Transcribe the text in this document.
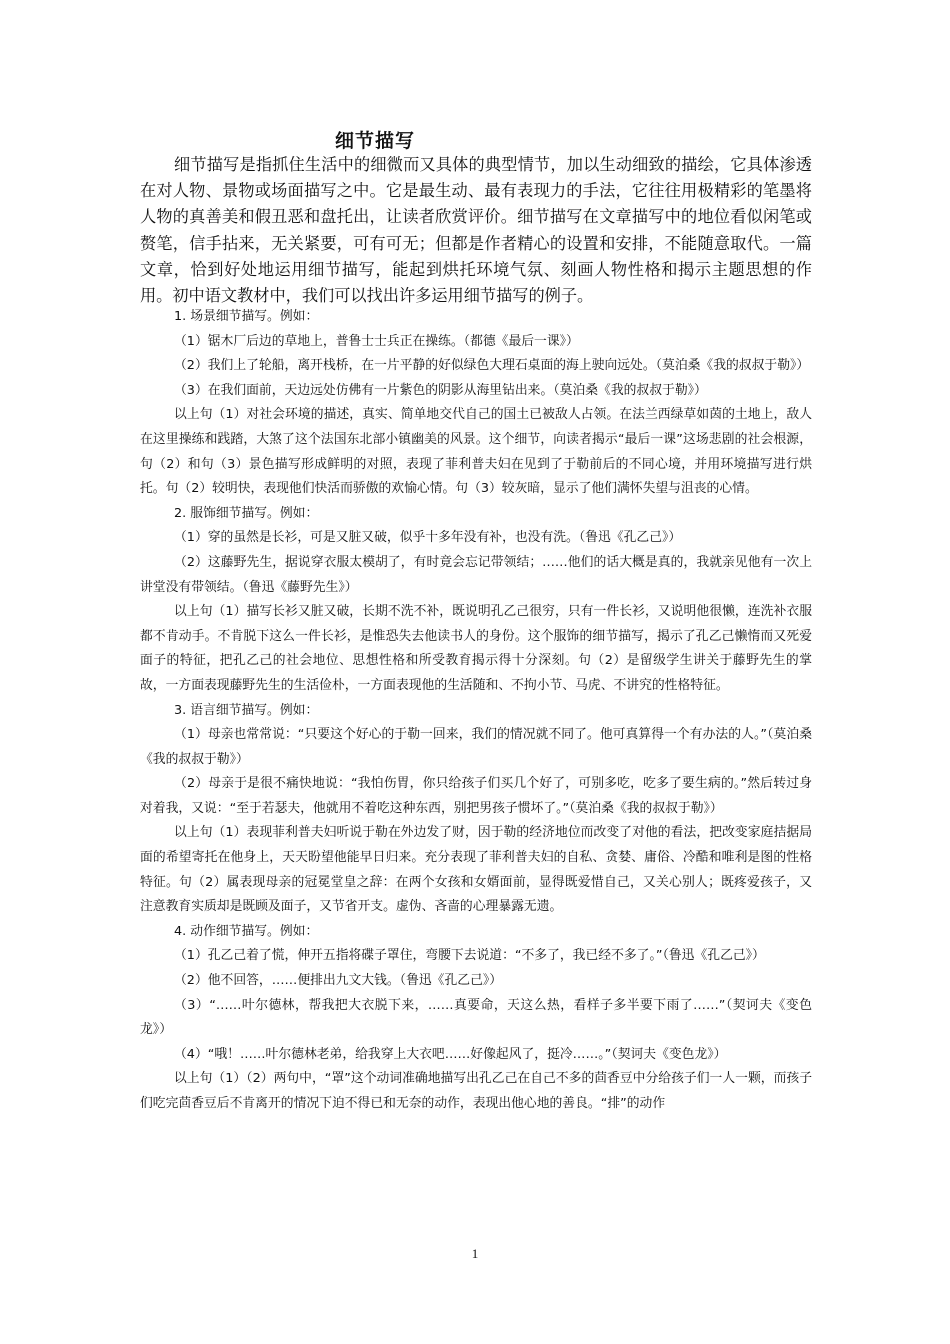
细节描写
细节描写是指抓住生活中的细微而又具体的典型情节，加以生动细致的描绘，它具体渗透在对人物、景物或场面描写之中。它是最生动、最有表现力的手法，它往往用极精彩的笔墨将人物的真善美和假丑恶和盘托出，让读者欣赏评价。细节描写在文章描写中的地位看似闲笔或赘笔，信手拈来，无关紧要，可有可无；但都是作者精心的设置和安排，不能随意取代。一篇文章，恰到好处地运用细节描写，能起到烘托环境气氛、刻画人物性格和揭示主题思想的作用。初中语文教材中，我们可以找出许多运用细节描写的例子。

1. 场景细节描写。例如：

（1）锯木厂后边的草地上，普鲁士士兵正在操练。（都德《最后一课》）

（2）我们上了轮船，离开栈桥，在一片平静的好似绿色大理石桌面的海上驶向远处。（莫泊桑《我的叔叔于勒》）

（3）在我们面前，天边远处仿佛有一片紫色的阴影从海里钻出来。（莫泊桑《我的叔叔于勒》）

以上句（1）对社会环境的描述，真实、简单地交代自己的国土已被敌人占领。在法兰西绿草如茵的土地上，敌人在这里操练和践踏，大煞了这个法国东北部小镇幽美的风景。这个细节，向读者揭示“最后一课”这场悲剧的社会根源，句（2）和句（3）景色描写形成鲜明的对照，表现了菲利普夫妇在见到了于勒前后的不同心境，并用环境描写进行烘托。句（2）较明快，表现他们快活而骄傲的欢愉心情。句（3）较灰暗，显示了他们满怀失望与沮丧的心情。

2. 服饰细节描写。例如：

（1）穿的虽然是长衫，可是又脏又破，似乎十多年没有补，也没有洗。（鲁迅《孔乙己》）

（2）这藤野先生，据说穿衣服太模胡了，有时竟会忘记带领结；……他们的话大概是真的，我就亲见他有一次上讲堂没有带领结。（鲁迅《藤野先生》）

以上句（1）描写长衫又脏又破，长期不洗不补，既说明孔乙己很穷，只有一件长衫，又说明他很懒，连洗补衣服都不肯动手。不肯脱下这么一件长衫，是惟恐失去他读书人的身份。这个服饰的细节描写，揭示了孔乙己懒惰而又死爱面子的特征，把孔乙己的社会地位、思想性格和所受教育揭示得十分深刻。句（2）是留级学生讲关于藤野先生的掌故，一方面表现藤野先生的生活俭朴，一方面表现他的生活随和、不拘小节、马虎、不讲究的性格特征。

3. 语言细节描写。例如：

（1）母亲也常常说：“只要这个好心的于勒一回来，我们的情况就不同了。他可真算得一个有办法的人。”（莫泊桑《我的叔叔于勒》）

（2）母亲于是很不痛快地说：“我怕伤胃，你只给孩子们买几个好了，可别多吃，吃多了要生病的。”然后转过身对着我，又说：“至于若瑟夫，他就用不着吃这种东西，别把男孩子惯坏了。”（莫泊桑《我的叔叔于勒》）

以上句（1）表现菲利普夫妇听说于勒在外边发了财，因于勒的经济地位而改变了对他的看法，把改变家庭拮据局面的希望寄托在他身上，天天盼望他能早日归来。充分表现了菲利普夫妇的自私、贪婪、庸俗、冷酷和唯利是图的性格特征。句（2）属表现母亲的冠冕堂皇之辞：在两个女孩和女婿面前，显得既爱惜自己，又关心别人；既疼爱孩子，又注意教育实质却是既顾及面子，又节省开支。虚伪、吝啬的心理暴露无遗。

4. 动作细节描写。例如：

（1）孔乙己着了慌，伸开五指将碟子罩住，弯腰下去说道：“不多了，我已经不多了。”（鲁迅《孔乙己》）

（2）他不回答，……便排出九文大钱。（鲁迅《孔乙己》）

（3）“……叶尔德林，帮我把大衣脱下来，……真要命，天这么热，看样子多半要下雨了……”（契诃夫《变色龙》）

（4）“哦！……叶尔德林老弟，给我穿上大衣吧……好像起风了，挺冷……。”（契诃夫《变色龙》）

以上句（1）（2）两句中，“罩”这个动词准确地描写出孔乙己在自己不多的茴香豆中分给孩子们一人一颗，而孩子们吃完茴香豆后不肯离开的情况下迫不得已和无奈的动作，表现出他心地的善良。“排”的动作

1
